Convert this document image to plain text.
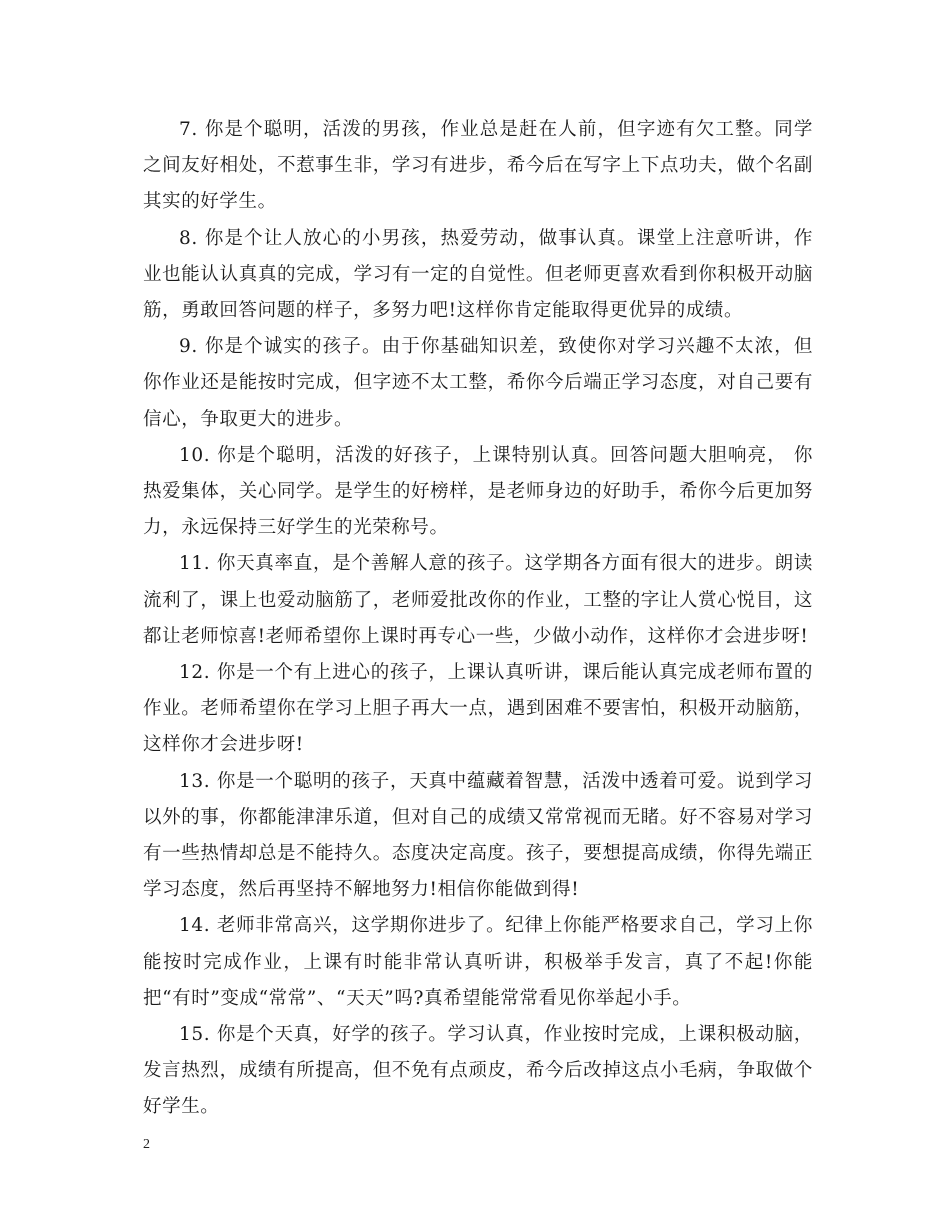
7. 你是个聪明，活泼的男孩，作业总是赶在人前，但字迹有欠工整。同学之间友好相处，不惹事生非，学习有进步，希今后在写字上下点功夫，做个名副其实的好学生。

8. 你是个让人放心的小男孩，热爱劳动，做事认真。课堂上注意听讲，作业也能认认真真的完成，学习有一定的自觉性。但老师更喜欢看到你积极开动脑筋，勇敢回答问题的样子，多努力吧!这样你肯定能取得更优异的成绩。

9. 你是个诚实的孩子。由于你基础知识差，致使你对学习兴趣不太浓，但你作业还是能按时完成，但字迹不太工整，希你今后端正学习态度，对自己要有信心，争取更大的进步。

10. 你是个聪明，活泼的好孩子，上课特别认真。回答问题大胆响亮， 你热爱集体，关心同学。是学生的好榜样，是老师身边的好助手，希你今后更加努力，永远保持三好学生的光荣称号。

11. 你天真率直，是个善解人意的孩子。这学期各方面有很大的进步。朗读流利了，课上也爱动脑筋了，老师爱批改你的作业，工整的字让人赏心悦目，这都让老师惊喜!老师希望你上课时再专心一些，少做小动作，这样你才会进步呀!

12. 你是一个有上进心的孩子，上课认真听讲，课后能认真完成老师布置的作业。老师希望你在学习上胆子再大一点，遇到困难不要害怕，积极开动脑筋，这样你才会进步呀!

13. 你是一个聪明的孩子，天真中蕴藏着智慧，活泼中透着可爱。说到学习以外的事，你都能津津乐道，但对自己的成绩又常常视而无睹。好不容易对学习有一些热情却总是不能持久。态度决定高度。孩子，要想提高成绩，你得先端正学习态度，然后再坚持不解地努力!相信你能做到得!

14. 老师非常高兴，这学期你进步了。纪律上你能严格要求自己，学习上你能按时完成作业，上课有时能非常认真听讲，积极举手发言，真了不起!你能把“有时”变成“常常”、“天天”吗?真希望能常常看见你举起小手。

15. 你是个天真，好学的孩子。学习认真，作业按时完成，上课积极动脑，发言热烈，成绩有所提高，但不免有点顽皮，希今后改掉这点小毛病，争取做个好学生。

2
